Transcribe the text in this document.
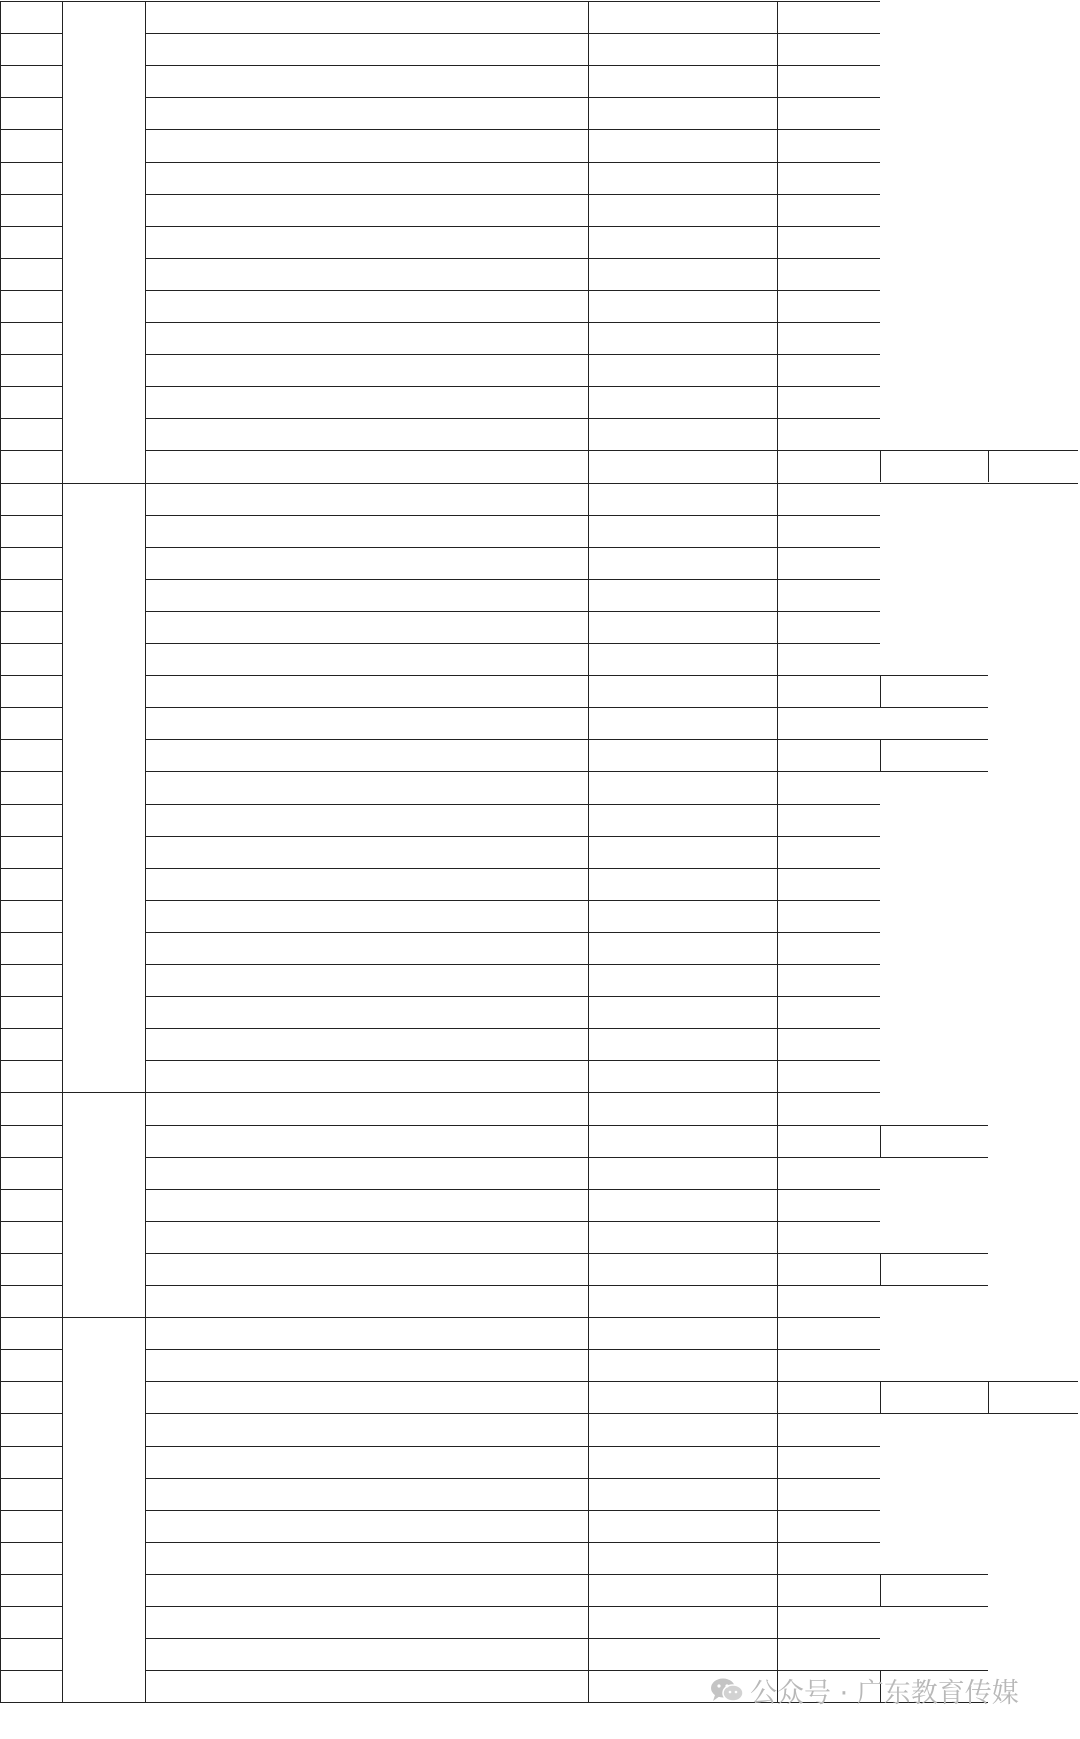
公众号 · 广东教育传媒
